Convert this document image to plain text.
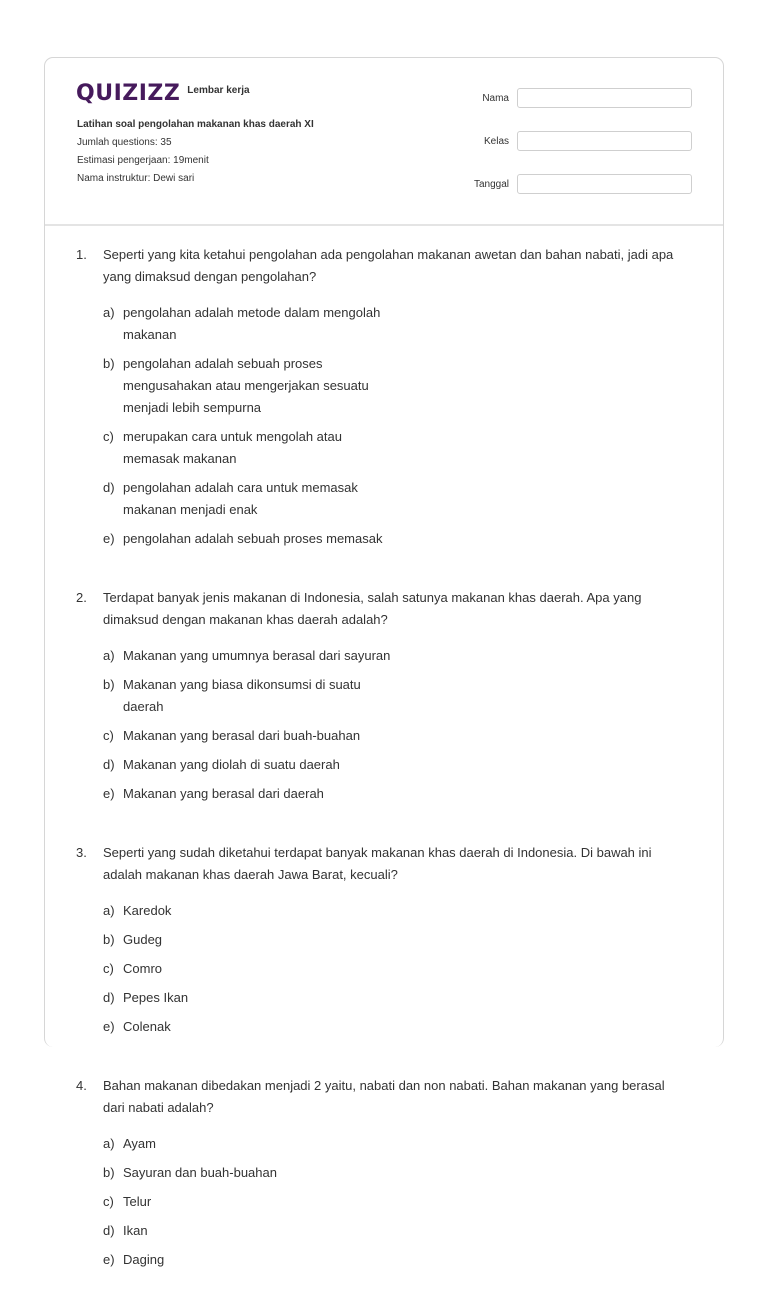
QUIZIZZ Lembar kerja
Latihan soal pengolahan makanan khas daerah XI
Jumlah questions: 35
Estimasi pengerjaan: 19menit
Nama instruktur: Dewi sari
Nama
Kelas
Tanggal
1.	Seperti yang kita ketahui pengolahan ada pengolahan makanan awetan dan bahan nabati, jadi apa yang dimaksud dengan pengolahan?
a) pengolahan adalah metode dalam mengolah makanan
b) pengolahan adalah sebuah proses mengusahakan atau mengerjakan sesuatu menjadi lebih sempurna
c) merupakan cara untuk mengolah atau memasak makanan
d) pengolahan adalah cara untuk memasak makanan menjadi enak
e) pengolahan adalah sebuah proses memasak
2.	Terdapat banyak jenis makanan di Indonesia, salah satunya makanan khas daerah. Apa yang dimaksud dengan makanan khas daerah adalah?
a) Makanan yang umumnya berasal dari sayuran
b) Makanan yang biasa dikonsumsi di suatu daerah
c) Makanan yang berasal dari buah-buahan
d) Makanan yang diolah di suatu daerah
e) Makanan yang berasal dari daerah
3.	Seperti yang sudah diketahui terdapat banyak makanan khas daerah di Indonesia. Di bawah ini adalah makanan khas daerah Jawa Barat, kecuali?
a) Karedok
b) Gudeg
c) Comro
d) Pepes Ikan
e) Colenak
4.	Bahan makanan dibedakan menjadi 2 yaitu, nabati dan non nabati. Bahan makanan yang berasal dari nabati adalah?
a) Ayam
b) Sayuran dan buah-buahan
c) Telur
d) Ikan
e) Daging
